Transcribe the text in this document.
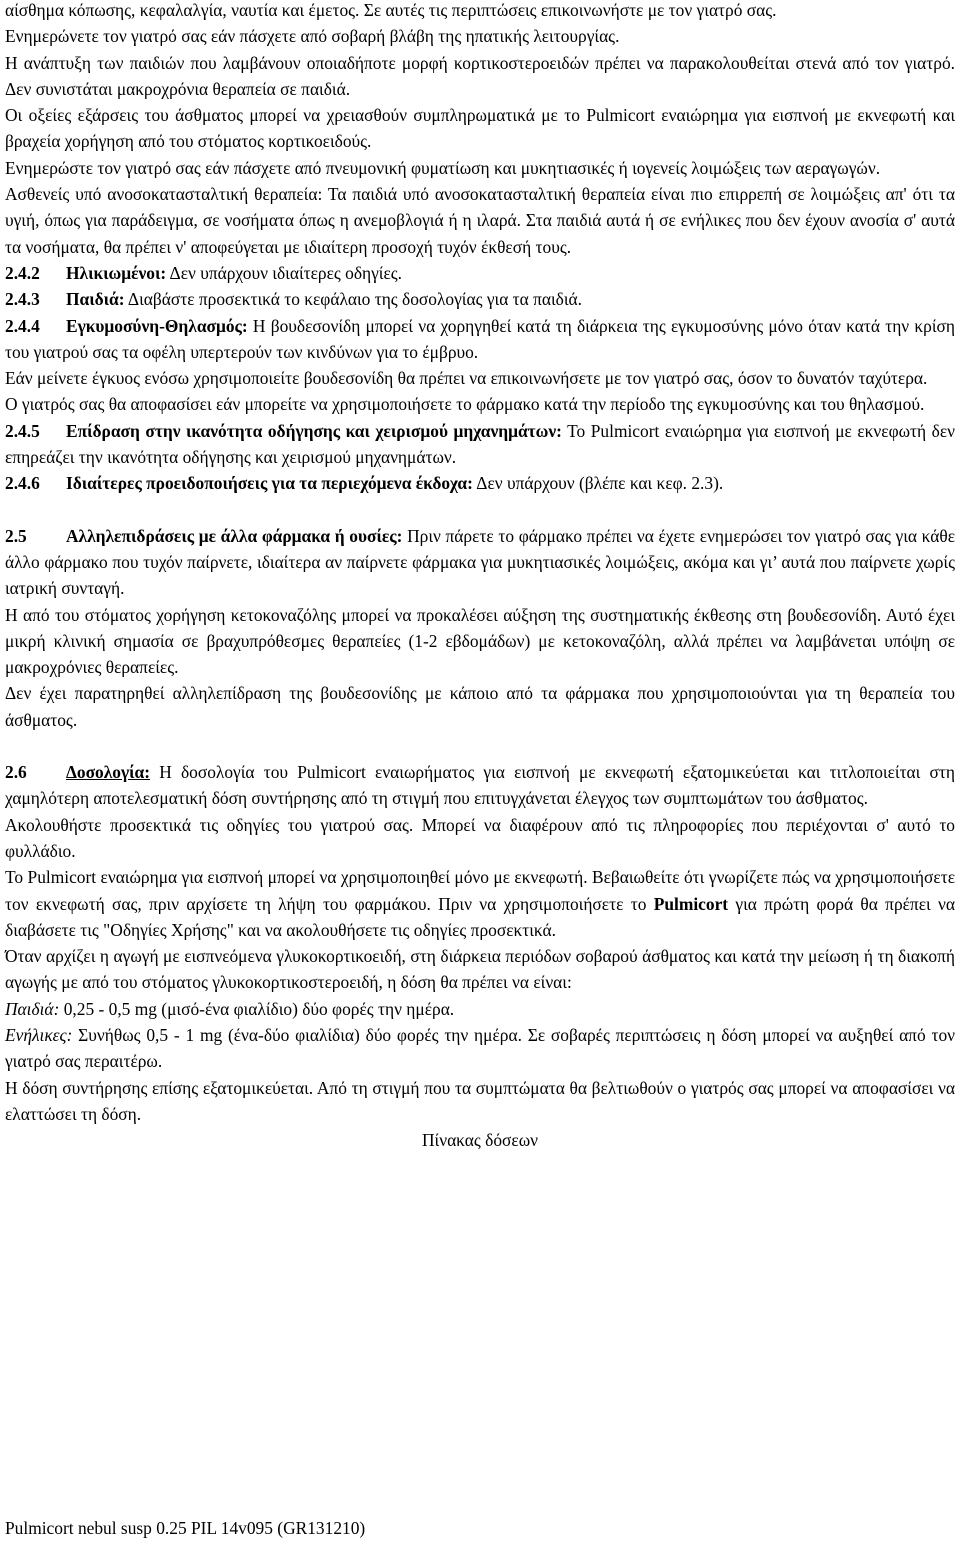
αίσθημα κόπωσης, κεφαλαλγία, ναυτία και έμετος. Σε αυτές τις περιπτώσεις επικοινωνήστε με τον γιατρό σας.

Ενημερώνετε τον γιατρό σας εάν πάσχετε από σοβαρή βλάβη της ηπατικής λειτουργίας.

Η ανάπτυξη των παιδιών που λαμβάνουν οποιαδήποτε μορφή κορτικοστεροειδών πρέπει να παρακολουθείται στενά από τον γιατρό. Δεν συνιστάται μακροχρόνια θεραπεία σε παιδιά.

Οι οξείες εξάρσεις του άσθματος μπορεί να χρειασθούν συμπληρωματικά με το Pulmicort εναιώρημα για εισπνοή με εκνεφωτή και βραχεία χορήγηση από του στόματος κορτικοειδούς.

Ενημερώστε τον γιατρό σας εάν πάσχετε από πνευμονική φυματίωση και μυκητιασικές ή ιογενείς λοιμώξεις των αεραγωγών.

Ασθενείς υπό ανοσοκατασταλτική θεραπεία: Τα παιδιά υπό ανοσοκατασταλτική θεραπεία είναι πιο επιρρεπή σε λοιμώξεις απ' ότι τα υγιή, όπως για παράδειγμα, σε νοσήματα όπως η ανεμοβλογιά ή η ιλαρά. Στα παιδιά αυτά ή σε ενήλικες που δεν έχουν ανοσία σ' αυτά τα νοσήματα, θα πρέπει ν' αποφεύγεται με ιδιαίτερη προσοχή τυχόν έκθεσή τους.

2.4.2 Ηλικιωμένοι: Δεν υπάρχουν ιδιαίτερες οδηγίες.

2.4.3 Παιδιά: Διαβάστε προσεκτικά το κεφάλαιο της δοσολογίας για τα παιδιά.

2.4.4 Εγκυμοσύνη-Θηλασμός: Η βουδεσονίδη μπορεί να χορηγηθεί κατά τη διάρκεια της εγκυμοσύνης μόνο όταν κατά την κρίση του γιατρού σας τα οφέλη υπερτερούν των κινδύνων για το έμβρυο.

Εάν μείνετε έγκυος ενόσω χρησιμοποιείτε βουδεσονίδη θα πρέπει να επικοινωνήσετε με τον γιατρό σας, όσον το δυνατόν ταχύτερα.

Ο γιατρός σας θα αποφασίσει εάν μπορείτε να χρησιμοποιήσετε το φάρμακο κατά την περίοδο της εγκυμοσύνης και του θηλασμού.

2.4.5 Επίδραση στην ικανότητα οδήγησης και χειρισμού μηχανημάτων: Το Pulmicort εναιώρημα για εισπνοή με εκνεφωτή δεν επηρεάζει την ικανότητα οδήγησης και χειρισμού μηχανημάτων.

2.4.6 Ιδιαίτερες προειδοποιήσεις για τα περιεχόμενα έκδοχα: Δεν υπάρχουν (βλέπε και κεφ. 2.3).

2.5 Αλληλεπιδράσεις με άλλα φάρμακα ή ουσίες: Πριν πάρετε το φάρμακο πρέπει να έχετε ενημερώσει τον γιατρό σας για κάθε άλλο φάρμακο που τυχόν παίρνετε, ιδιαίτερα αν παίρνετε φάρμακα για μυκητιασικές λοιμώξεις, ακόμα και γι’ αυτά που παίρνετε χωρίς ιατρική συνταγή.

Η από του στόματος χορήγηση κετοκοναζόλης μπορεί να προκαλέσει αύξηση της συστηματικής έκθεσης στη βουδεσονίδη. Αυτό έχει μικρή κλινική σημασία σε βραχυπρόθεσμες θεραπείες (1-2 εβδομάδων) με κετοκοναζόλη, αλλά πρέπει να λαμβάνεται υπόψη σε μακροχρόνιες θεραπείες.

Δεν έχει παρατηρηθεί αλληλεπίδραση της βουδεσονίδης με κάποιο από τα φάρμακα που χρησιμοποιούνται για τη θεραπεία του άσθματος.

2.6 Δοσολογία: Η δοσολογία του Pulmicort εναιωρήματος για εισπνοή με εκνεφωτή εξατομικεύεται και τιτλοποιείται στη χαμηλότερη αποτελεσματική δόση συντήρησης από τη στιγμή που επιτυγχάνεται έλεγχος των συμπτωμάτων του άσθματος.

Ακολουθήστε προσεκτικά τις οδηγίες του γιατρού σας. Μπορεί να διαφέρουν από τις πληροφορίες που περιέχονται σ' αυτό το φυλλάδιο.

Το Pulmicort εναιώρημα για εισπνοή μπορεί να χρησιμοποιηθεί μόνο με εκνεφωτή. Βεβαιωθείτε ότι γνωρίζετε πώς να χρησιμοποιήσετε τον εκνεφωτή σας, πριν αρχίσετε τη λήψη του φαρμάκου. Πριν να χρησιμοποιήσετε το Pulmicort για πρώτη φορά θα πρέπει να διαβάσετε τις "Οδηγίες Χρήσης" και να ακολουθήσετε τις οδηγίες προσεκτικά.

Όταν αρχίζει η αγωγή με εισπνεόμενα γλυκοκορτικοειδή, στη διάρκεια περιόδων σοβαρού άσθματος και κατά την μείωση ή τη διακοπή αγωγής με από του στόματος γλυκοκορτικοστεροειδή, η δόση θα πρέπει να είναι:

Παιδιά: 0,25 - 0,5 mg (μισό-ένα φιαλίδιο) δύο φορές την ημέρα.

Ενήλικες: Συνήθως 0,5 - 1 mg (ένα-δύο φιαλίδια) δύο φορές την ημέρα. Σε σοβαρές περιπτώσεις η δόση μπορεί να αυξηθεί από τον γιατρό σας περαιτέρω.

Η δόση συντήρησης επίσης εξατομικεύεται. Από τη στιγμή που τα συμπτώματα θα βελτιωθούν ο γιατρός σας μπορεί να αποφασίσει να ελαττώσει τη δόση.

Πίνακας δόσεων

Pulmicort nebul susp 0.25 PIL 14v095 (GR131210)
